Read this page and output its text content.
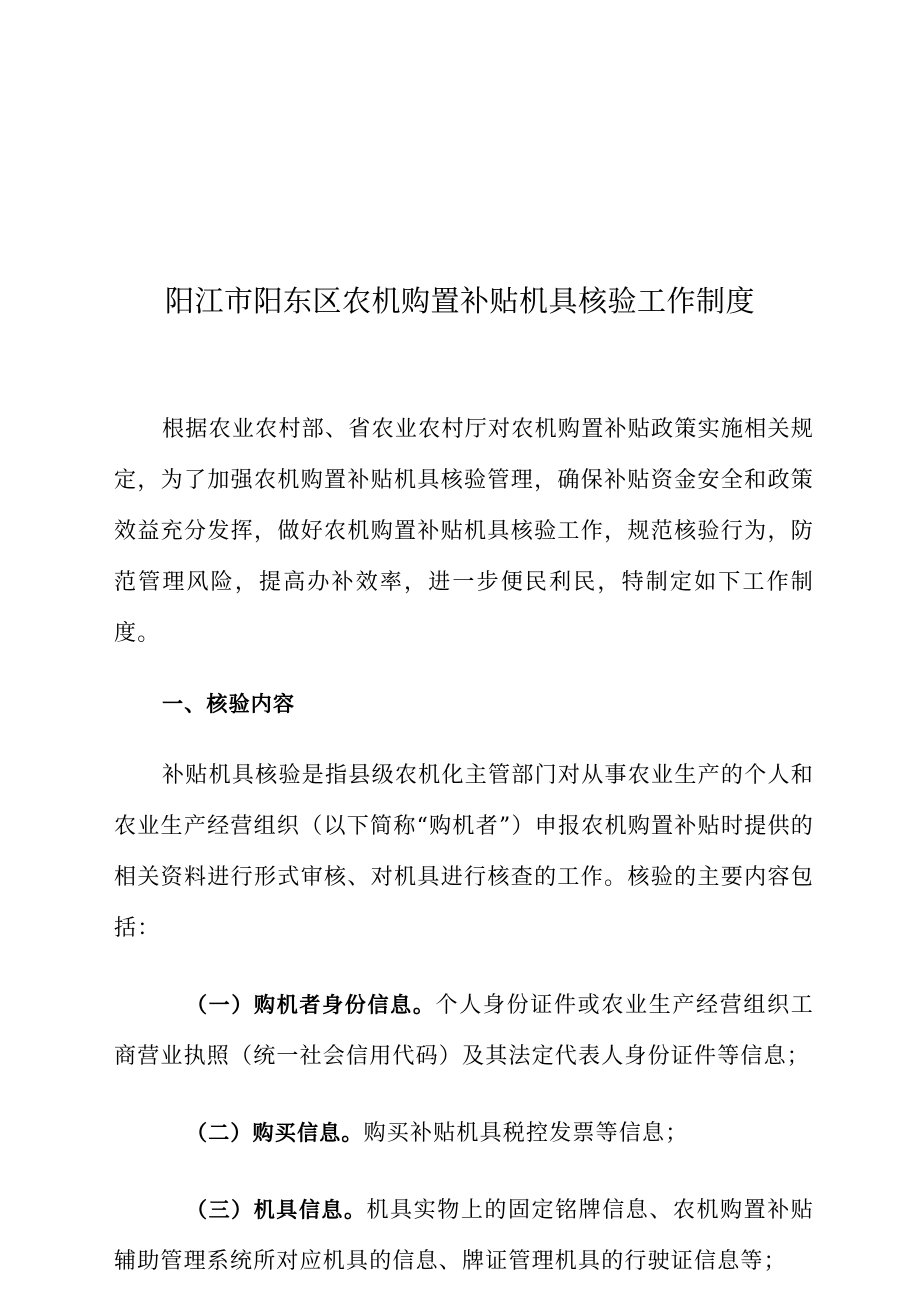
阳江市阳东区农机购置补贴机具核验工作制度

根据农业农村部、省农业农村厅对农机购置补贴政策实施相关规定，为了加强农机购置补贴机具核验管理，确保补贴资金安全和政策效益充分发挥，做好农机购置补贴机具核验工作，规范核验行为，防范管理风险，提高办补效率，进一步便民利民，特制定如下工作制度。

一、核验内容

补贴机具核验是指县级农机化主管部门对从事农业生产的个人和农业生产经营组织（以下简称“购机者”）申报农机购置补贴时提供的相关资料进行形式审核、对机具进行核查的工作。核验的主要内容包括：

（一）购机者身份信息。个人身份证件或农业生产经营组织工商营业执照（统一社会信用代码）及其法定代表人身份证件等信息；

（二）购买信息。购买补贴机具税控发票等信息；

（三）机具信息。机具实物上的固定铭牌信息、农机购置补贴辅助管理系统所对应机具的信息、牌证管理机具的行驶证信息等；
